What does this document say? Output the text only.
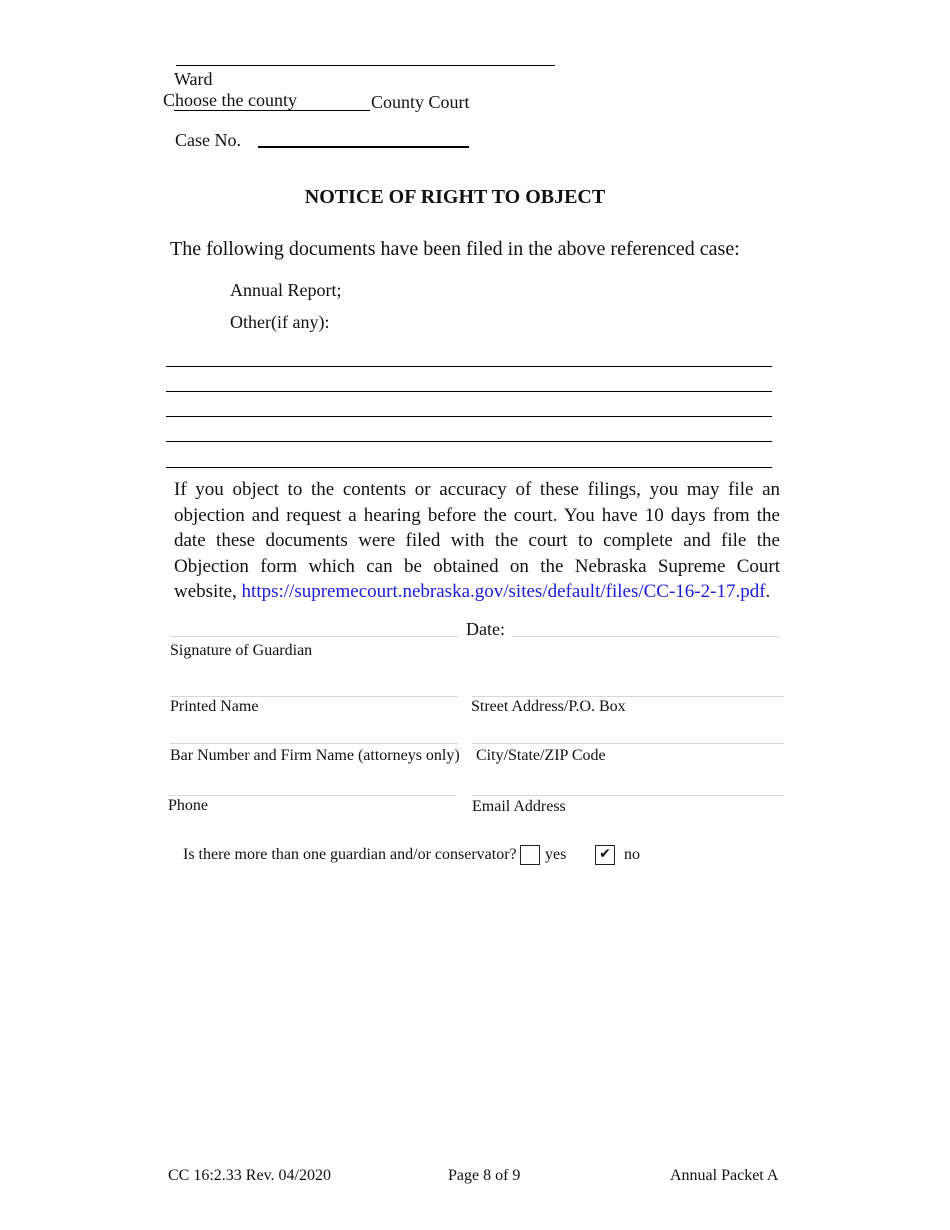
Ward
Choose the county	County Court
Case No.
NOTICE OF RIGHT TO OBJECT
The following documents have been filed in the above referenced case:
Annual Report;
Other(if any):
If you object to the contents or accuracy of these filings, you may file an objection and request a hearing before the court. You have 10 days from the date these documents were filed with the court to complete and file the Objection form which can be obtained on the Nebraska Supreme Court website, https://supremecourt.nebraska.gov/sites/default/files/CC-16-2-17.pdf.
Date:
Signature of Guardian
Printed Name	Street Address/P.O. Box
Bar Number and Firm Name (attorneys only) City/State/ZIP Code
Phone	Email Address
Is there more than one guardian and/or conservator? yes ✔ no
CC 16:2.33 Rev. 04/2020	Page 8 of 9	Annual Packet A
